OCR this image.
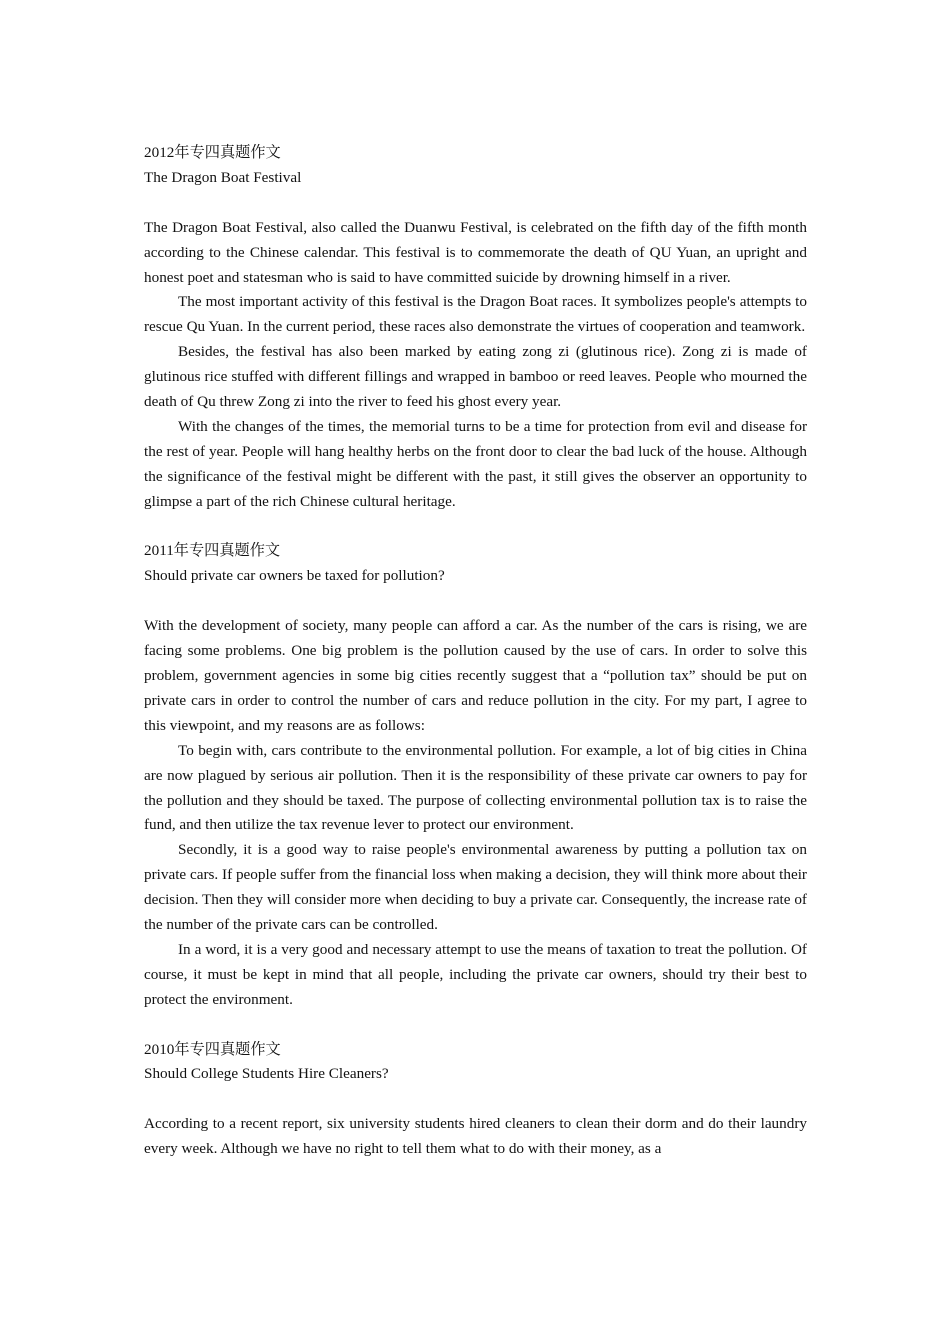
2012年专四真题作文

The Dragon Boat Festival

The Dragon Boat Festival, also called the Duanwu Festival, is celebrated on the fifth day of the fifth month according to the Chinese calendar. This festival is to commemorate the death of QU Yuan, an upright and honest poet and statesman who is said to have committed suicide by drowning himself in a river.

The most important activity of this festival is the Dragon Boat races. It symbolizes people's attempts to rescue Qu Yuan. In the current period, these races also demonstrate the virtues of cooperation and teamwork.

Besides, the festival has also been marked by eating zong zi (glutinous rice). Zong zi is made of glutinous rice stuffed with different fillings and wrapped in bamboo or reed leaves. People who mourned the death of Qu threw Zong zi into the river to feed his ghost every year.

With the changes of the times, the memorial turns to be a time for protection from evil and disease for the rest of year. People will hang healthy herbs on the front door to clear the bad luck of the house. Although the significance of the festival might be different with the past, it still gives the observer an opportunity to glimpse a part of the rich Chinese cultural heritage.

2011年专四真题作文

Should private car owners be taxed for pollution?

With the development of society, many people can afford a car. As the number of the cars is rising, we are facing some problems. One big problem is the pollution caused by the use of cars. In order to solve this problem, government agencies in some big cities recently suggest that a “pollution tax” should be put on private cars in order to control the number of cars and reduce pollution in the city. For my part, I agree to this viewpoint, and my reasons are as follows:

To begin with, cars contribute to the environmental pollution. For example, a lot of big cities in China are now plagued by serious air pollution. Then it is the responsibility of these private car owners to pay for the pollution and they should be taxed. The purpose of collecting environmental pollution tax is to raise the fund, and then utilize the tax revenue lever to protect our environment.

Secondly, it is a good way to raise people's environmental awareness by putting a pollution tax on private cars. If people suffer from the financial loss when making a decision, they will think more about their decision. Then they will consider more when deciding to buy a private car. Consequently, the increase rate of the number of the private cars can be controlled.

In a word, it is a very good and necessary attempt to use the means of taxation to treat the pollution. Of course, it must be kept in mind that all people, including the private car owners, should try their best to protect the environment.

2010年专四真题作文

Should College Students Hire Cleaners?

According to a recent report, six university students hired cleaners to clean their dorm and do their laundry every week. Although we have no right to tell them what to do with their money, as a
